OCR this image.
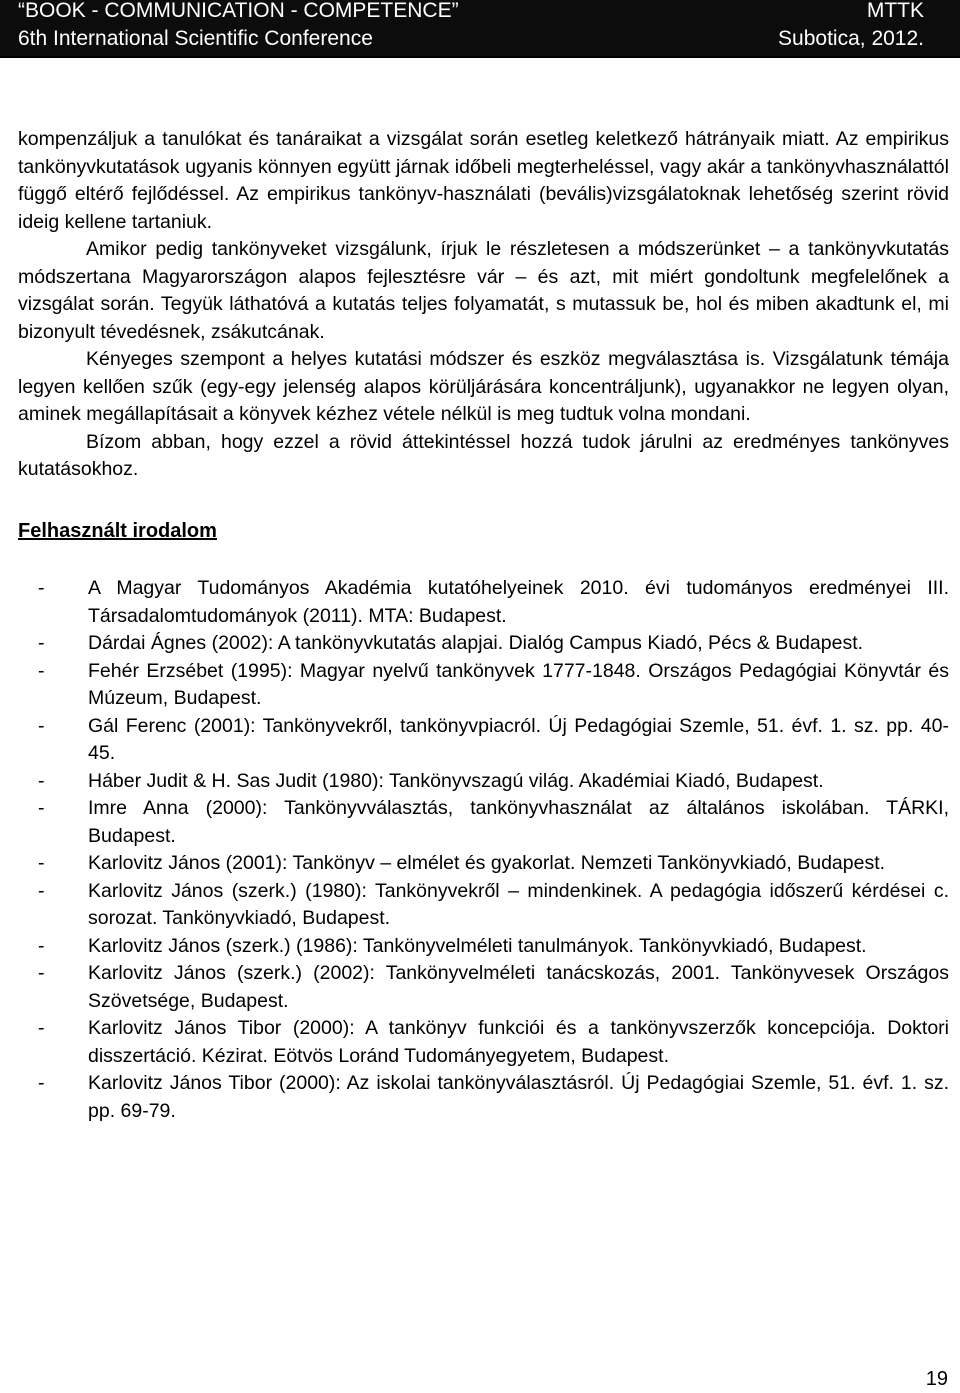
“BOOK - COMMUNICATION - COMPETENCE”	MTTK
6th International Scientific Conference	Subotica, 2012.

kompenzáljuk a tanulókat és tanáraikat a vizsgálat során esetleg keletkező hátrányaik miatt. Az empirikus tankönyvkutatások ugyanis könnyen együtt járnak időbeli megterheléssel, vagy akár a tankönyvhasználattól függő eltérő fejlődéssel. Az empirikus tankönyv-használati (bevális)vizsgálatoknak lehetőség szerint rövid ideig kellene tartaniuk.

Amikor pedig tankönyveket vizsgálunk, írjuk le részletesen a módszerünket – a tankönyvkutatás módszertana Magyarországon alapos fejlesztésre vár – és azt, mit miért gondoltunk megfelelőnek a vizsgálat során. Tegyük láthatóvá a kutatás teljes folyamatát, s mutassuk be, hol és miben akadtunk el, mi bizonyult tévedésnek, zsákutcának.

Kényeges szempont a helyes kutatási módszer és eszköz megválasztása is. Vizsgálatunk témája legyen kellően szűk (egy-egy jelenség alapos körüljárására koncentráljunk), ugyanakkor ne legyen olyan, aminek megállapításait a könyvek kézhez vétele nélkül is meg tudtuk volna mondani.

Bízom abban, hogy ezzel a rövid áttekintéssel hozzá tudok járulni az eredményes tankönyves kutatásokhoz.

Felhasznált irodalom
- A Magyar Tudományos Akadémia kutatóhelyeinek 2010. évi tudományos eredményei III. Társadalomtudományok (2011). MTA: Budapest.
- Dárdai Ágnes (2002): A tankönyvkutatás alapjai. Dialóg Campus Kiadó, Pécs & Budapest.
- Fehér Erzsébet (1995): Magyar nyelvű tankönyvek 1777-1848. Országos Pedagógiai Könyvtár és Múzeum, Budapest.
- Gál Ferenc (2001): Tankönyvekről, tankönyvpiacról. Új Pedagógiai Szemle, 51. évf. 1. sz. pp. 40-45.
- Háber Judit & H. Sas Judit (1980): Tankönyvszagú világ. Akadémiai Kiadó, Budapest.
- Imre Anna (2000): Tankönyvválasztás, tankönyvhasználat az általános iskolában. TÁRKI, Budapest.
- Karlovitz János (2001): Tankönyv – elmélet és gyakorlat. Nemzeti Tankönyvkiadó, Budapest.
- Karlovitz János (szerk.) (1980): Tankönyvekről – mindenkinek. A pedagógia időszerű kérdései c. sorozat. Tankönyvkiadó, Budapest.
- Karlovitz János (szerk.) (1986): Tankönyvelméleti tanulmányok. Tankönyvkiadó, Budapest.
- Karlovitz János (szerk.) (2002): Tankönyvelméleti tanácskozás, 2001. Tankönyvesek Országos Szövetsége, Budapest.
- Karlovitz János Tibor (2000): A tankönyv funkciói és a tankönyvszerzők koncepciója. Doktori disszertáció. Kézirat. Eötvös Loránd Tudományegyetem, Budapest.
- Karlovitz János Tibor (2000): Az iskolai tankönyválasztásról. Új Pedagógiai Szemle, 51. évf. 1. sz. pp. 69-79.
19
